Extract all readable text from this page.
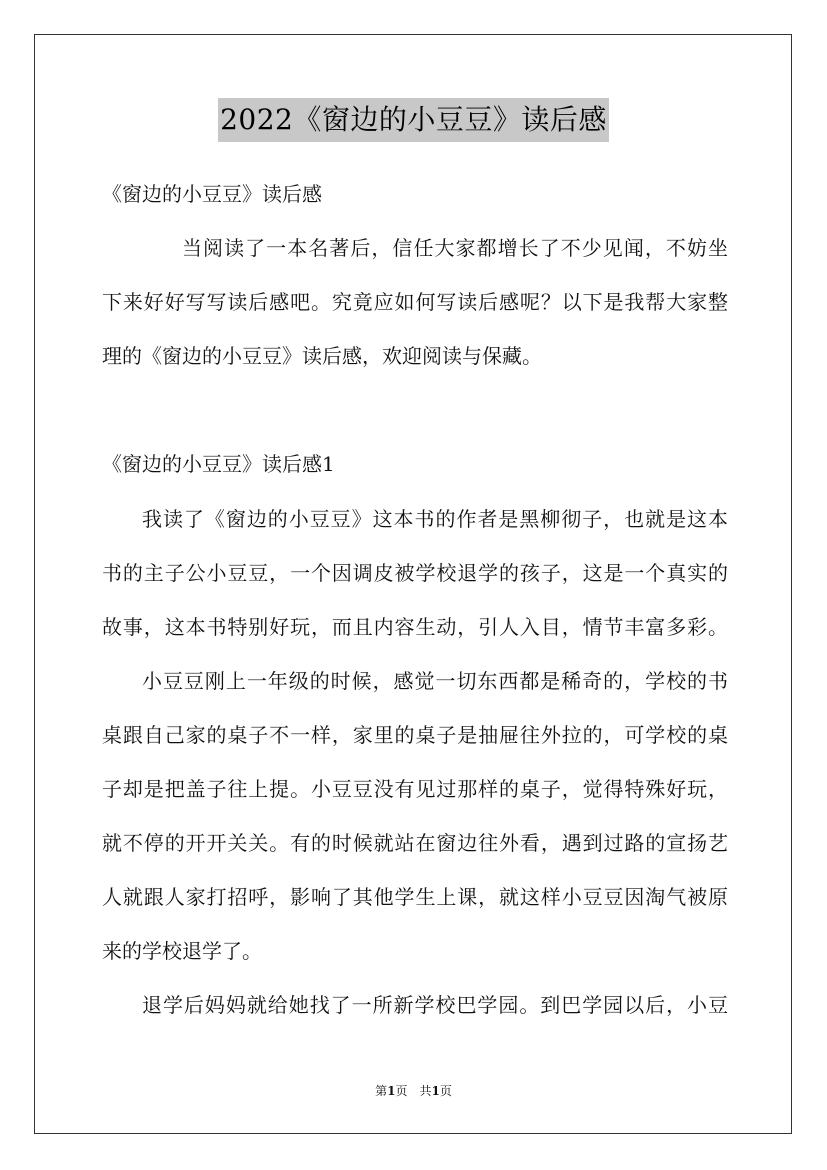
2022《窗边的小豆豆》读后感
《窗边的小豆豆》读后感
当阅读了一本名著后，信任大家都增长了不少见闻，不妨坐
下来好好写写读后感吧。究竟应如何写读后感呢？以下是我帮大家整
理的《窗边的小豆豆》读后感，欢迎阅读与保藏。
《窗边的小豆豆》读后感1
我读了《窗边的小豆豆》这本书的作者是黑柳彻子，也就是这本
书的主子公小豆豆，一个因调皮被学校退学的孩子，这是一个真实的
故事，这本书特别好玩，而且内容生动，引人入目，情节丰富多彩。
小豆豆刚上一年级的时候，感觉一切东西都是稀奇的，学校的书
桌跟自己家的桌子不一样，家里的桌子是抽屉往外拉的，可学校的桌
子却是把盖子往上提。小豆豆没有见过那样的桌子，觉得特殊好玩，
就不停的开开关关。有的时候就站在窗边往外看，遇到过路的宣扬艺
人就跟人家打招呼，影响了其他学生上课，就这样小豆豆因淘气被原
来的学校退学了。
退学后妈妈就给她找了一所新学校巴学园。到巴学园以后，小豆
第1页　共1页
